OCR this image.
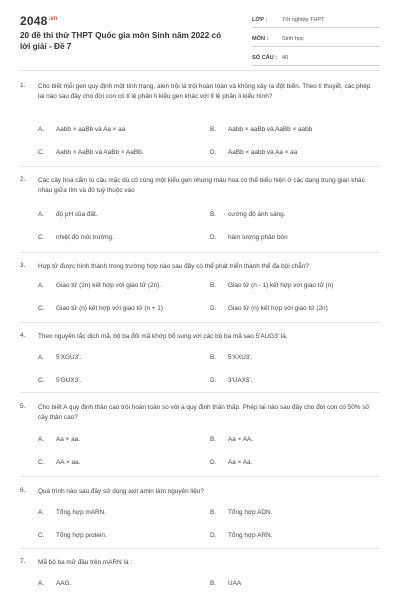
$2048^{.vn}$
20 đề thi thử THPT Quốc gia môn Sinh năm 2022 có lời giải - Đề 7
LỚP :	Tốt nghiệp THPT
MÔN :	Sinh học
SỐ CÂU : 40
1. Cho biết mỗi gen quy định một tính trạng, alen trội là trội hoàn toàn và không xảy ra đột biến. Theo lí thuyết, các phép lai nào sau đây cho đời con có tỉ lệ phân li kiểu gen khác với tỉ lệ phân li kiểu hình?
A. Aabb × aaBb và Aa × aa	B. Aabb × aaBb và AaBb × aabb
C. Aabb × AaBb và AaBb × AaBb.	D. AaBb × aabb và Aa × aa
2. Các cây hoa cẩm tú cầu mặc dù có cùng một kiểu gen nhưng màu hoa có thể biểu hiện ở các dạng trung gian khác nhau giữa tím và đỏ tuỳ thuộc vào
A. độ pH của đất.	B. cường độ ánh sáng.
C. nhiệt độ môi trường.	D. hàm lượng phân bón
3. Hợp tử được hình thành trong trường hợp nào sau đây có thể phát triển thành thể đa bội chẵn?
A. Giao tử (2n) kết hợp với giao tử (2n) .	B. Giao tử (n - 1) kết hợp với giao tử (n)
C. Giao tử (n) kết hợp với giao tử (n + 1)	D. Giao tử (n) kết hợp với giao tử (2n)
4. Theo nguyên tắc dịch mã, bộ ba đối mã khớp bổ sung với các bộ ba mã sao 5'AUG3' là.
A. 5'XGU3'.	B. 5'XXU3'.
C. 5'GUX3'.	D. 3'UAX5'.
5. Cho biết A quy định thân cao trội hoàn toàn so với a quy định thân thấp. Phép lai nào sau đây cho đời con có 50% số cây thân cao?
A. Aa × aa.	B. Aa × AA.
C. AA × aa.	D. Aa × Aa.
6. Quá trình nào sau đây sử dụng axit amin làm nguyên liệu?
A. Tổng hợp mARN.	B. Tổng hợp ADN.
C. Tổng hợp protein.	D. Tổng hợp ARN.
7. Mã bộ ba mở đầu trên mARN là :
A. AAG.	B. UAA
